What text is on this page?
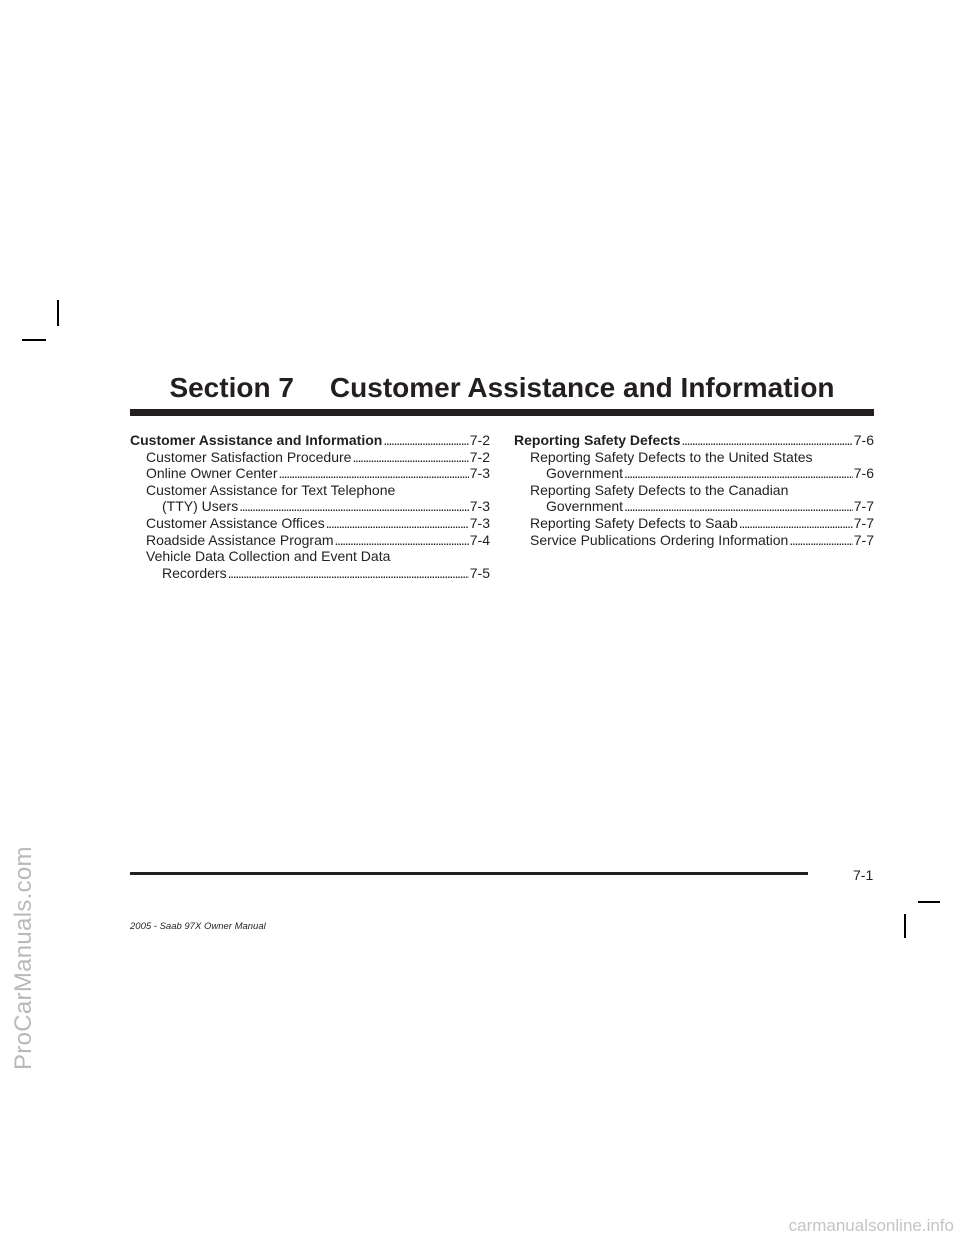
ProCarManuals.com
Section 7 Customer Assistance and Information
Customer Assistance and Information . . .	7-2
Customer Satisfaction Procedure . . .	7-2
Online Owner Center . . .	7-3
Customer Assistance for Text Telephone
(TTY) Users . . .	7-3
Customer Assistance Offices . . .	7-3
Roadside Assistance Program . . .	7-4
Vehicle Data Collection and Event Data
Recorders . . .	7-5
Reporting Safety Defects . . .	7-6
Reporting Safety Defects to the United States
Government . . .	7-6
Reporting Safety Defects to the Canadian
Government . . .	7-7
Reporting Safety Defects to Saab . . .	7-7
Service Publications Ordering Information . . .	7-7
7-1
2005 - Saab 97X Owner Manual
carmanualsonline.info
